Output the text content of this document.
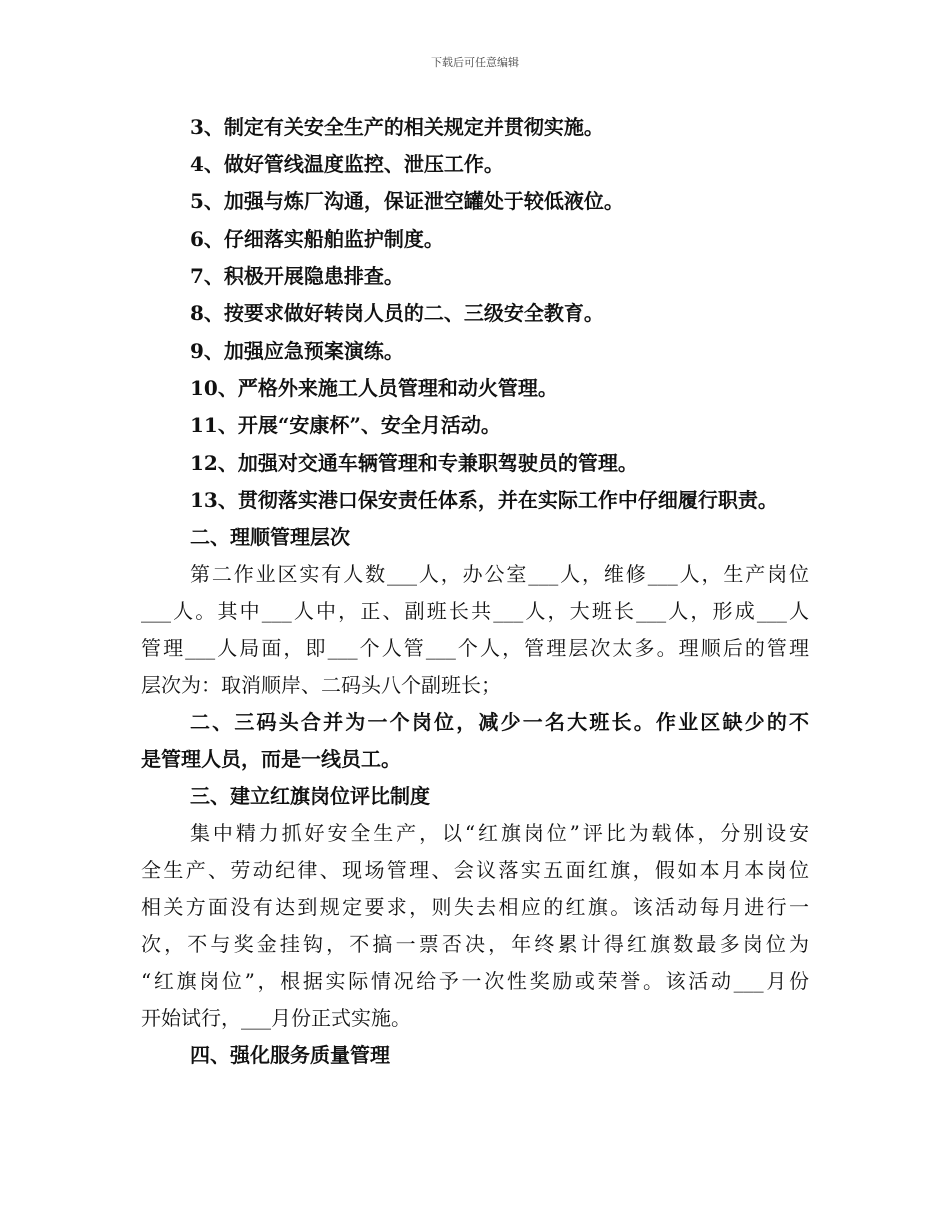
下载后可任意编辑
3、制定有关安全生产的相关规定并贯彻实施。
4、做好管线温度监控、泄压工作。
5、加强与炼厂沟通，保证泄空罐处于较低液位。
6、仔细落实船舶监护制度。
7、积极开展隐患排查。
8、按要求做好转岗人员的二、三级安全教育。
9、加强应急预案演练。
10、严格外来施工人员管理和动火管理。
11、开展“安康杯”、安全月活动。
12、加强对交通车辆管理和专兼职驾驶员的管理。
13、贯彻落实港口保安责任体系，并在实际工作中仔细履行职责。
二、理顺管理层次
第二作业区实有人数___人，办公室___人，维修___人，生产岗位
___人。其中___人中，正、副班长共___人，大班长___人，形成___人
管理___人局面，即___个人管___个人，管理层次太多。理顺后的管理
层次为：取消顺岸、二码头八个副班长；
二、三码头合并为一个岗位，减少一名大班长。作业区缺少的不
是管理人员，而是一线员工。
三、建立红旗岗位评比制度
集中精力抓好安全生产，以“红旗岗位”评比为载体，分别设安
全生产、劳动纪律、现场管理、会议落实五面红旗，假如本月本岗位
相关方面没有达到规定要求，则失去相应的红旗。该活动每月进行一
次，不与奖金挂钩，不搞一票否决，年终累计得红旗数最多岗位为
“红旗岗位”，根据实际情况给予一次性奖励或荣誉。该活动___月份
开始试行，___月份正式实施。
四、强化服务质量管理
